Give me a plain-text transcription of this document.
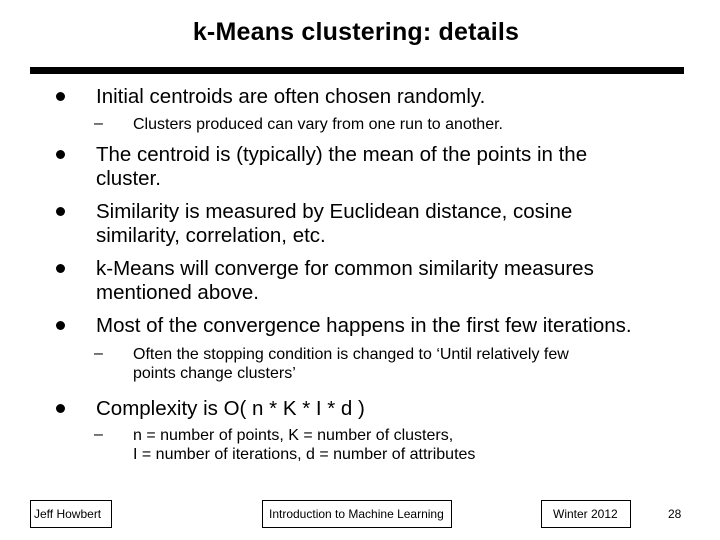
k-Means clustering: details
Initial centroids are often chosen randomly.
– Clusters produced can vary from one run to another.
The centroid is (typically) the mean of the points in the
cluster.
Similarity is measured by Euclidean distance, cosine
similarity, correlation, etc.
k-Means will converge for common similarity measures
mentioned above.
Most of the convergence happens in the first few iterations.
– Often the stopping condition is changed to ‘Until relatively few
points change clusters’
Complexity is O( n * K * I * d )
– n = number of points, K = number of clusters,
I = number of iterations, d = number of attributes
Jeff Howbert	Introduction to Machine Learning	Winter 2012	28
